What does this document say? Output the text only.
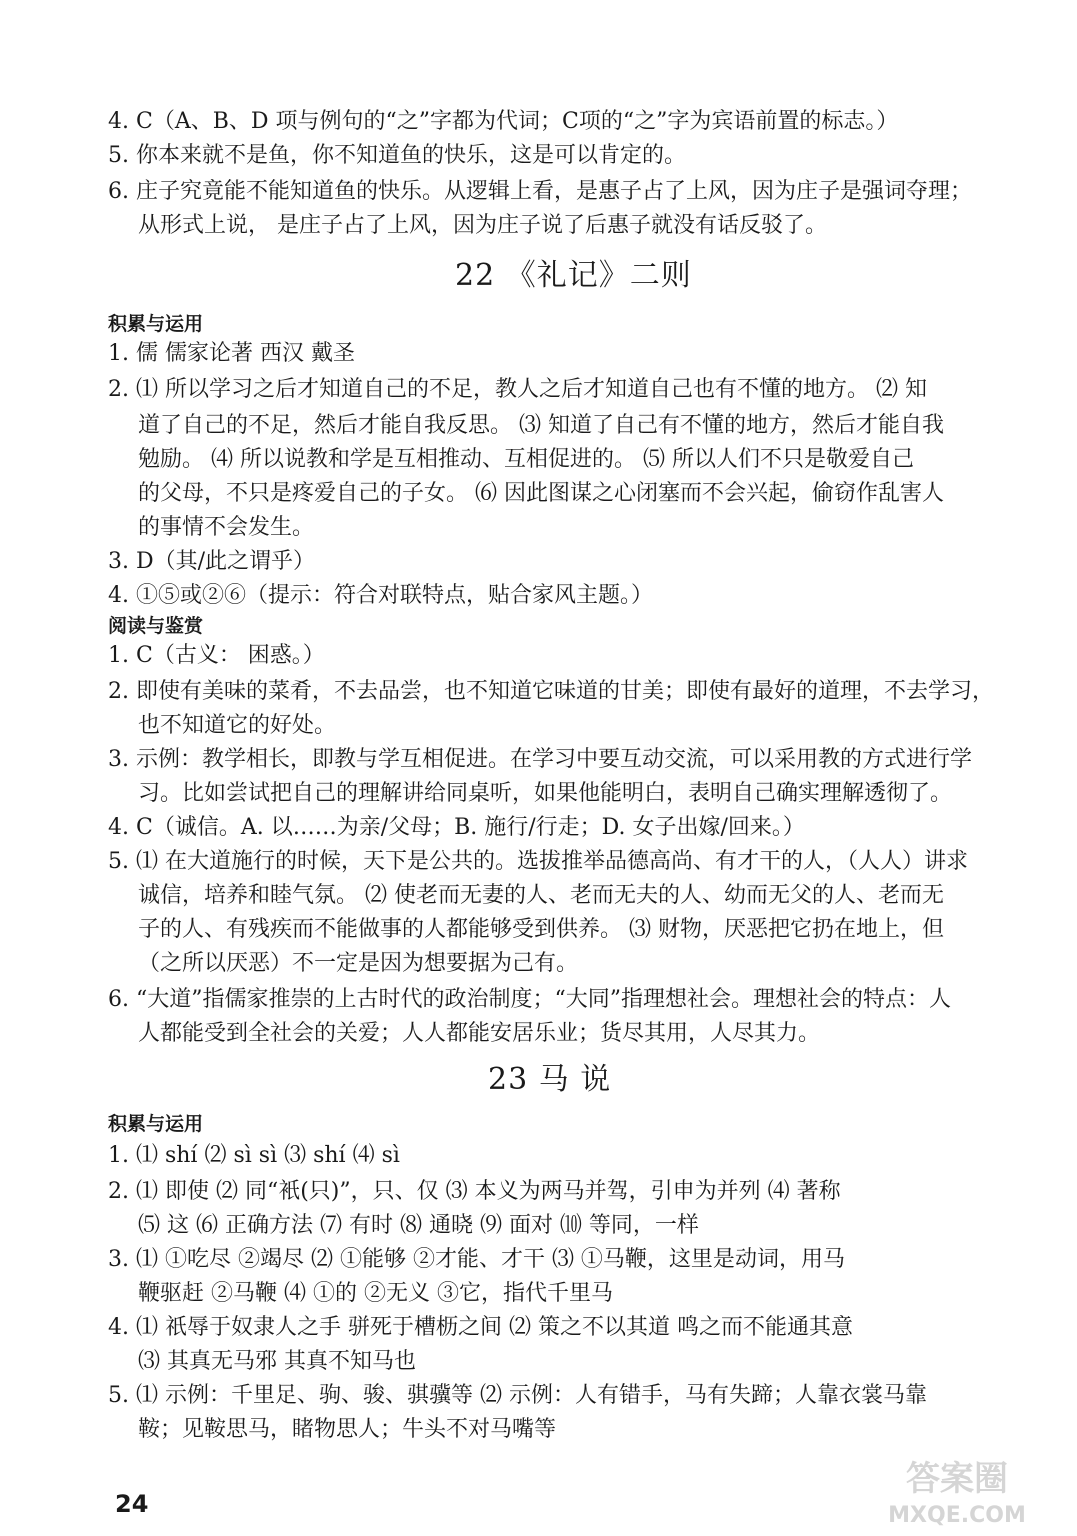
4. C（A、B、D 项与例句的“之”字都为代词；C项的“之”字为宾语前置的标志。）
5. 你本来就不是鱼，你不知道鱼的快乐，这是可以肯定的。
6. 庄子究竟能不能知道鱼的快乐。从逻辑上看，是惠子占了上风，因为庄子是强词夺理；
从形式上说， 是庄子占了上风，因为庄子说了后惠子就没有话反驳了。
22 《礼记》二则
积累与运用
1. 儒 儒家论著 西汉 戴圣
2. ⑴ 所以学习之后才知道自己的不足，教人之后才知道自己也有不懂的地方。 ⑵ 知
道了自己的不足，然后才能自我反思。 ⑶ 知道了自己有不懂的地方，然后才能自我
勉励。 ⑷ 所以说教和学是互相推动、互相促进的。 ⑸ 所以人们不只是敬爱自己
的父母，不只是疼爱自己的子女。 ⑹ 因此图谋之心闭塞而不会兴起，偷窃作乱害人
的事情不会发生。
3. D（其/此之谓乎）
4. ①⑤或②⑥（提示：符合对联特点，贴合家风主题。）
阅读与鉴赏
1. C（古义： 困惑。）
2. 即使有美味的菜肴，不去品尝，也不知道它味道的甘美；即使有最好的道理，不去学习，
也不知道它的好处。
3. 示例：教学相长，即教与学互相促进。在学习中要互动交流，可以采用教的方式进行学
习。比如尝试把自己的理解讲给同桌听，如果他能明白，表明自己确实理解透彻了。
4. C（诚信。A. 以……为亲/父母；B. 施行/行走；D. 女子出嫁/回来。）
5. ⑴ 在大道施行的时候，天下是公共的。选拔推举品德高尚、有才干的人，（人人）讲求
诚信，培养和睦气氛。 ⑵ 使老而无妻的人、老而无夫的人、幼而无父的人、老而无
子的人、有残疾而不能做事的人都能够受到供养。 ⑶ 财物，厌恶把它扔在地上，但
（之所以厌恶）不一定是因为想要据为己有。
6. “大道”指儒家推崇的上古时代的政治制度；“大同”指理想社会。理想社会的特点：人
人都能受到全社会的关爱；人人都能安居乐业；货尽其用，人尽其力。
23 马 说
积累与运用
1. ⑴ shí ⑵ sì sì ⑶ shí ⑷ sì
2. ⑴ 即使 ⑵ 同“衹(只)”，只、仅 ⑶ 本义为两马并驾，引申为并列 ⑷ 著称
⑸ 这 ⑹ 正确方法 ⑺ 有时 ⑻ 通晓 ⑼ 面对 ⑽ 等同，一样
3. ⑴ ①吃尽 ②竭尽 ⑵ ①能够 ②才能、才干 ⑶ ①马鞭，这里是动词，用马
鞭驱赶 ②马鞭 ⑷ ①的 ②无义 ③它，指代千里马
4. ⑴ 祇辱于奴隶人之手 骈死于槽枥之间 ⑵ 策之不以其道 鸣之而不能通其意
⑶ 其真无马邪 其真不知马也
5. ⑴ 示例：千里足、驹、骏、骐骥等 ⑵ 示例：人有错手，马有失蹄；人靠衣裳马靠
鞍；见鞍思马，睹物思人；牛头不对马嘴等
24
答案圈
MXQE.COM
